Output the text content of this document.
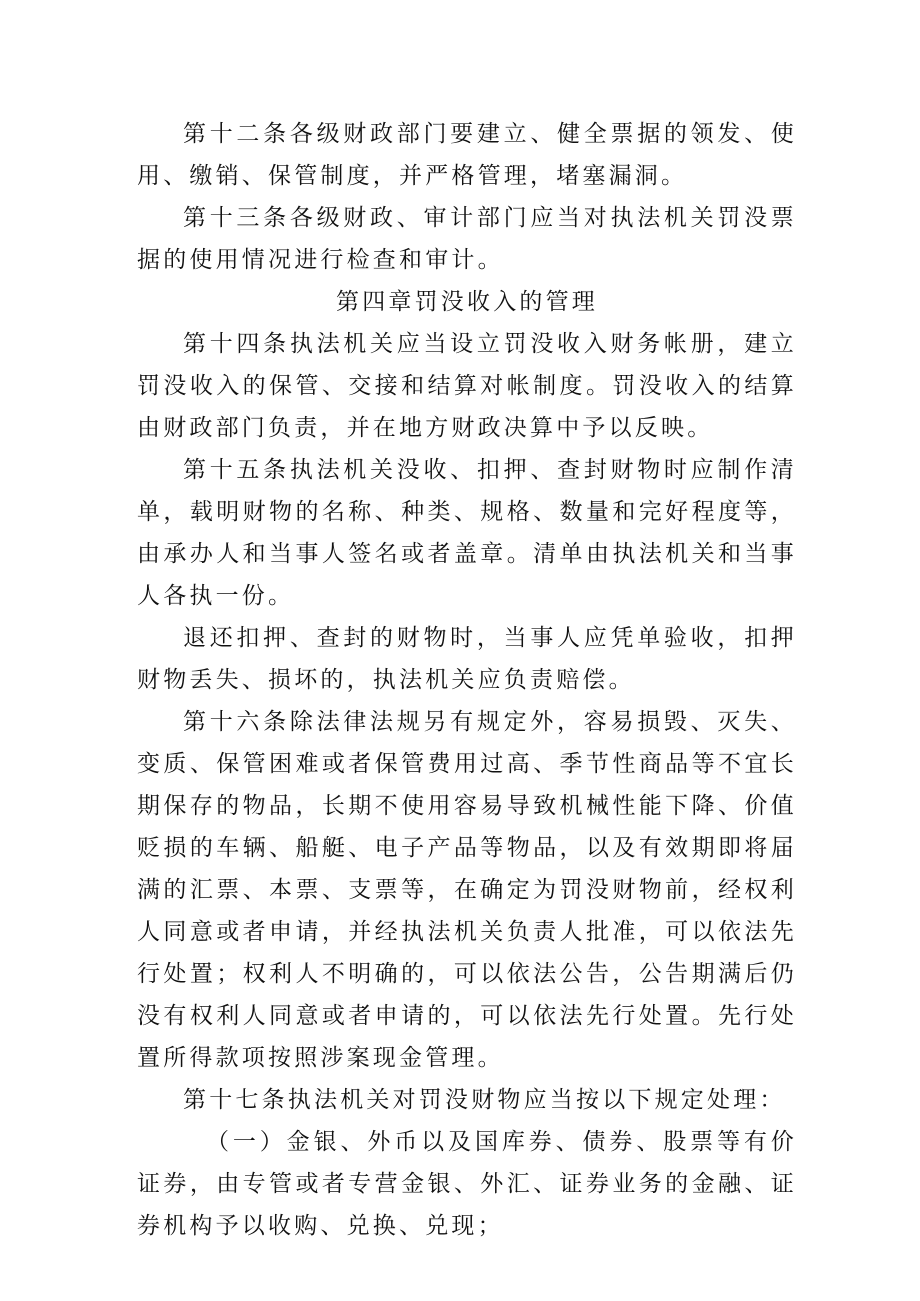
第十二条各级财政部门要建立、健全票据的领发、使用、缴销、保管制度，并严格管理，堵塞漏洞。

第十三条各级财政、审计部门应当对执法机关罚没票据的使用情况进行检查和审计。

第四章罚没收入的管理

第十四条执法机关应当设立罚没收入财务帐册，建立罚没收入的保管、交接和结算对帐制度。罚没收入的结算由财政部门负责，并在地方财政决算中予以反映。

第十五条执法机关没收、扣押、查封财物时应制作清单，载明财物的名称、种类、规格、数量和完好程度等，由承办人和当事人签名或者盖章。清单由执法机关和当事人各执一份。

退还扣押、查封的财物时，当事人应凭单验收，扣押财物丢失、损坏的，执法机关应负责赔偿。

第十六条除法律法规另有规定外，容易损毁、灭失、变质、保管困难或者保管费用过高、季节性商品等不宜长期保存的物品，长期不使用容易导致机械性能下降、价值贬损的车辆、船艇、电子产品等物品，以及有效期即将届满的汇票、本票、支票等，在确定为罚没财物前，经权利人同意或者申请，并经执法机关负责人批准，可以依法先行处置；权利人不明确的，可以依法公告，公告期满后仍没有权利人同意或者申请的，可以依法先行处置。先行处置所得款项按照涉案现金管理。

第十七条执法机关对罚没财物应当按以下规定处理：

（一）金银、外币以及国库券、债券、股票等有价证券，由专管或者专营金银、外汇、证券业务的金融、证券机构予以收购、兑换、兑现；
